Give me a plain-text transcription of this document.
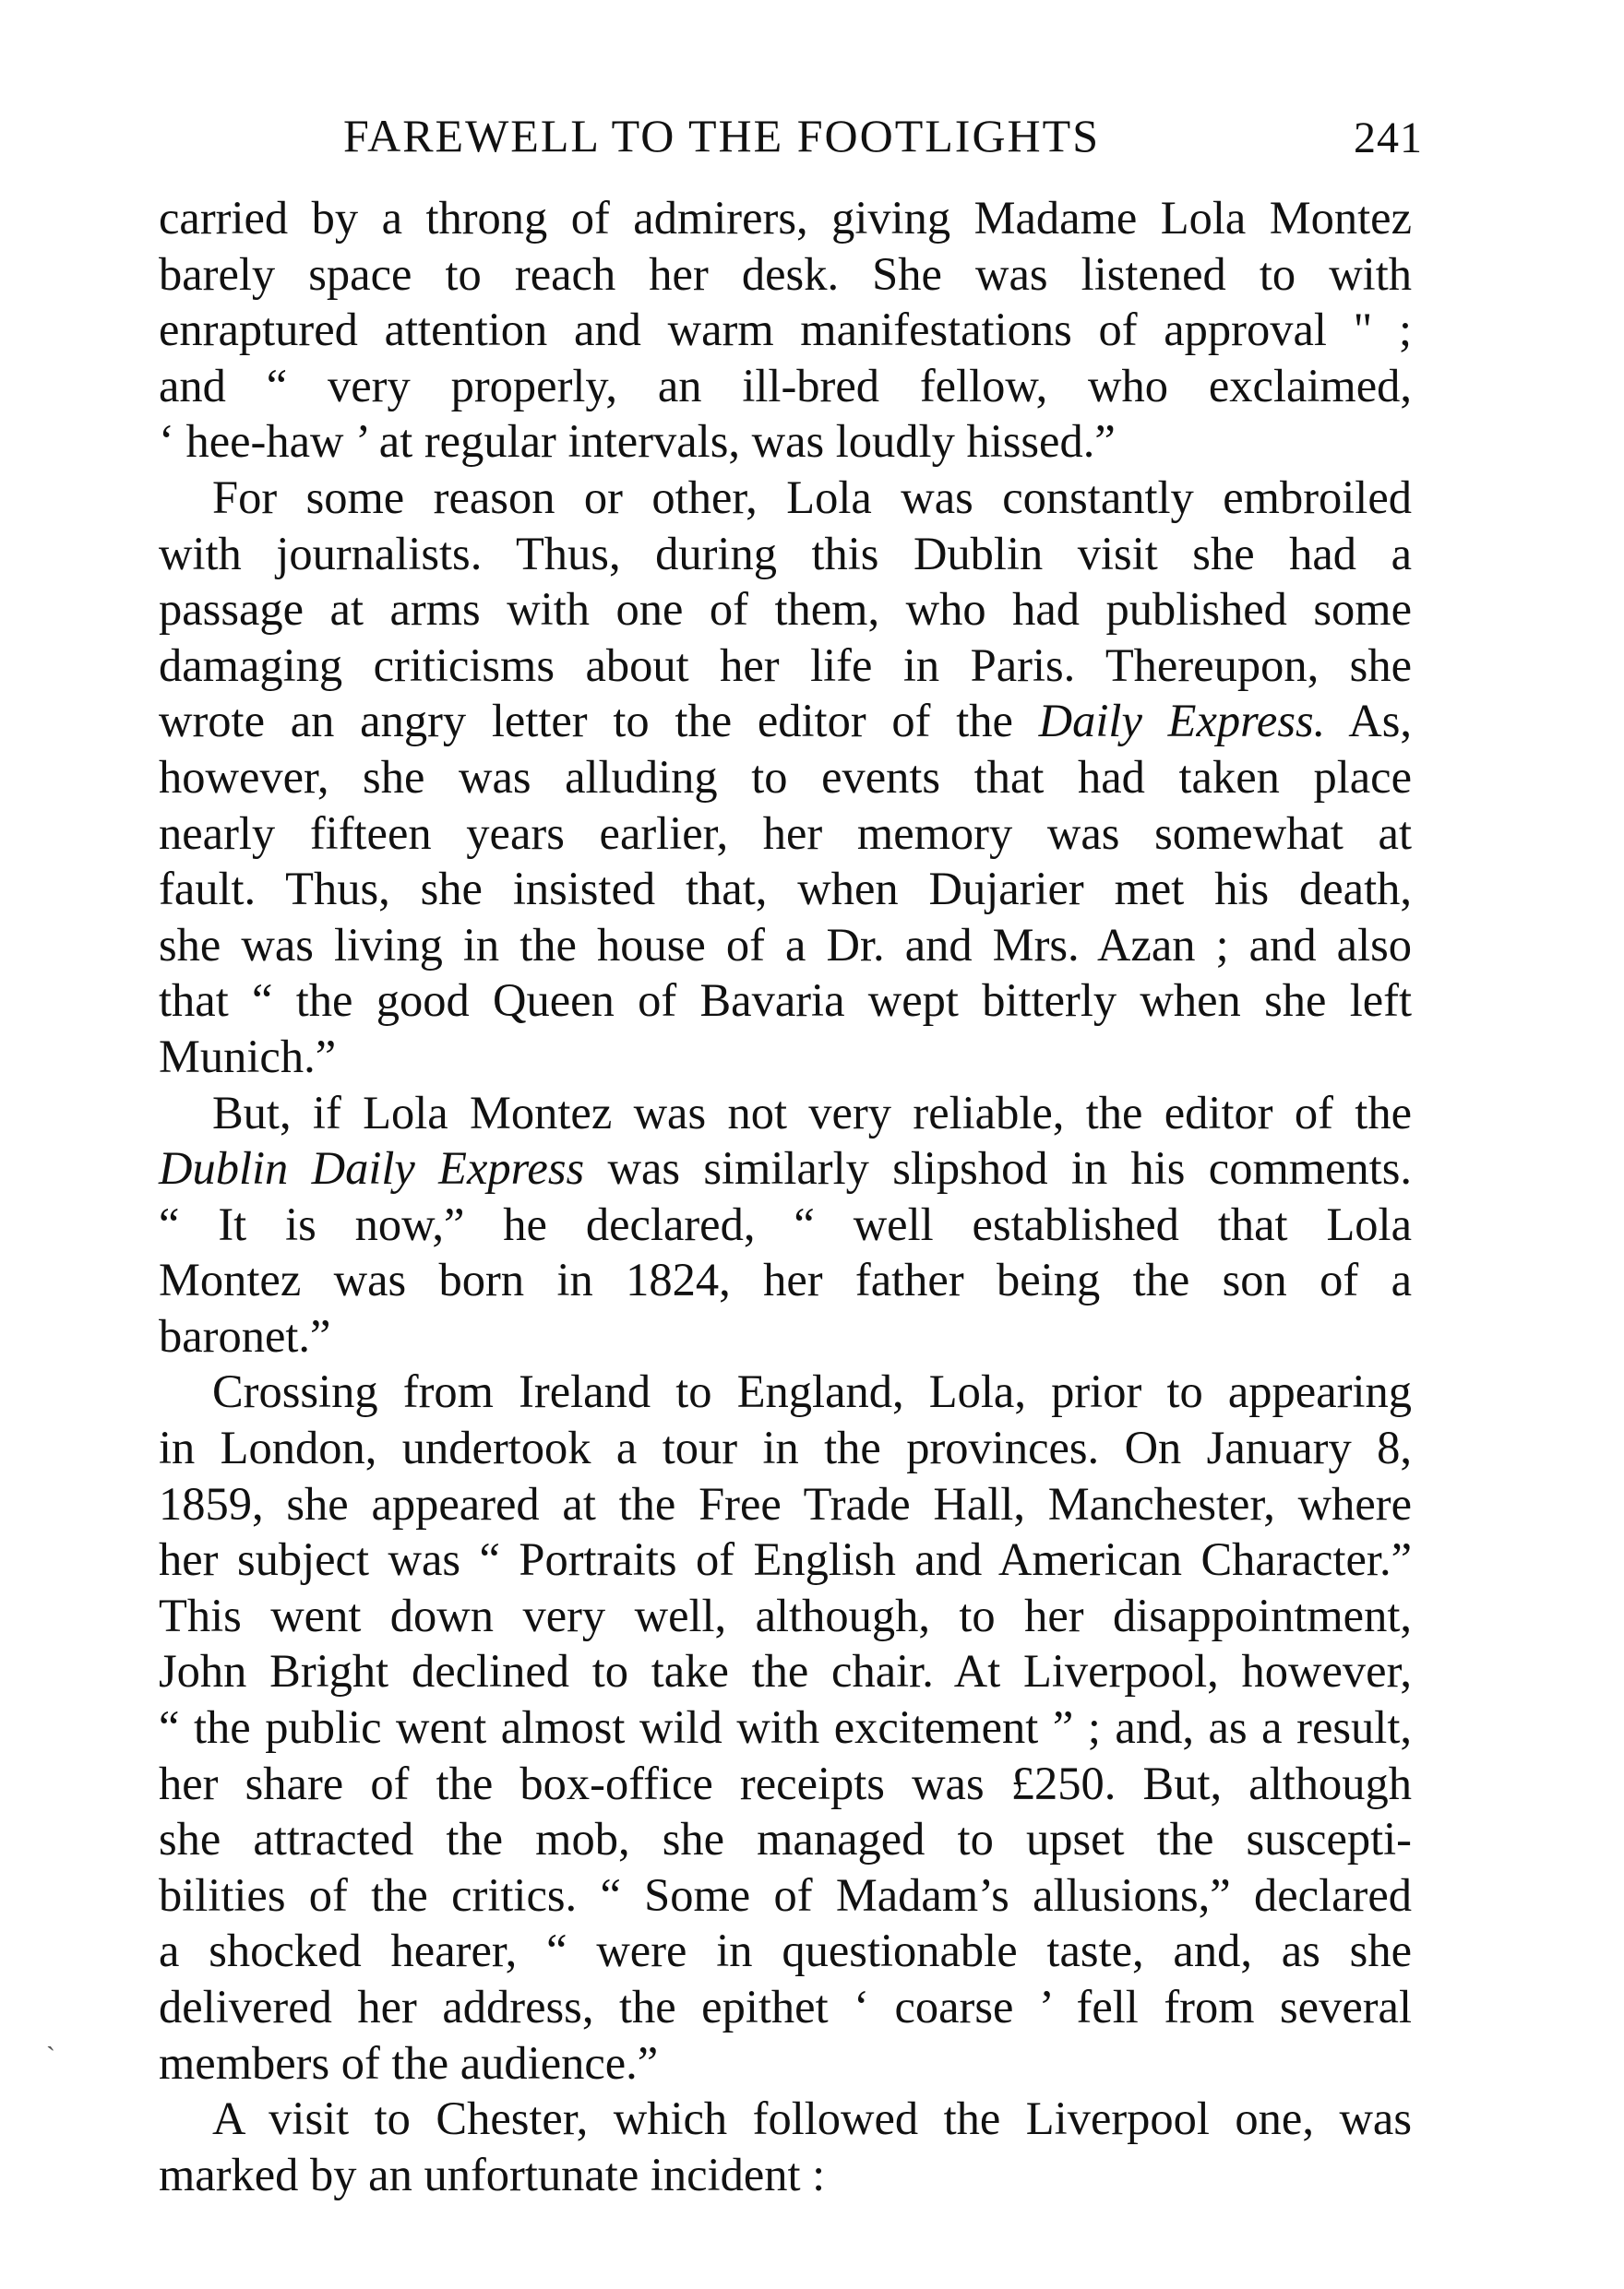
FAREWELL TO THE FOOTLIGHTS	241
carried by a throng of admirers, giving Madame Lola Montez
barely space to reach her desk. She was listened to with
enraptured attention and warm manifestations of approval " ;
and “ very properly, an ill-bred fellow, who exclaimed,
‘ hee-haw ’ at regular intervals, was loudly hissed.”
For some reason or other, Lola was constantly embroiled
with journalists. Thus, during this Dublin visit she had a
passage at arms with one of them, who had published some
damaging criticisms about her life in Paris. Thereupon, she
wrote an angry letter to the editor of the Daily Express. As,
however, she was alluding to events that had taken place
nearly fifteen years earlier, her memory was somewhat at
fault. Thus, she insisted that, when Dujarier met his death,
she was living in the house of a Dr. and Mrs. Azan ; and also
that “ the good Queen of Bavaria wept bitterly when she left
Munich.”
But, if Lola Montez was not very reliable, the editor of the
Dublin Daily Express was similarly slipshod in his comments.
“ It is now,” he declared, “ well established that Lola
Montez was born in 1824, her father being the son of a
baronet.”
Crossing from Ireland to England, Lola, prior to appearing
in London, undertook a tour in the provinces. On January 8,
1859, she appeared at the Free Trade Hall, Manchester, where
her subject was “ Portraits of English and American Character.”
This went down very well, although, to her disappointment,
John Bright declined to take the chair. At Liverpool, however,
“ the public went almost wild with excitement ” ; and, as a result,
her share of the box-office receipts was £250. But, although
she attracted the mob, she managed to upset the suscepti-
bilities of the critics. “ Some of Madam’s allusions,” declared
a shocked hearer, “ were in questionable taste, and, as she
delivered her address, the epithet ‘ coarse ’ fell from several
members of the audience.”
A visit to Chester, which followed the Liverpool one, was
marked by an unfortunate incident :
ˏ
